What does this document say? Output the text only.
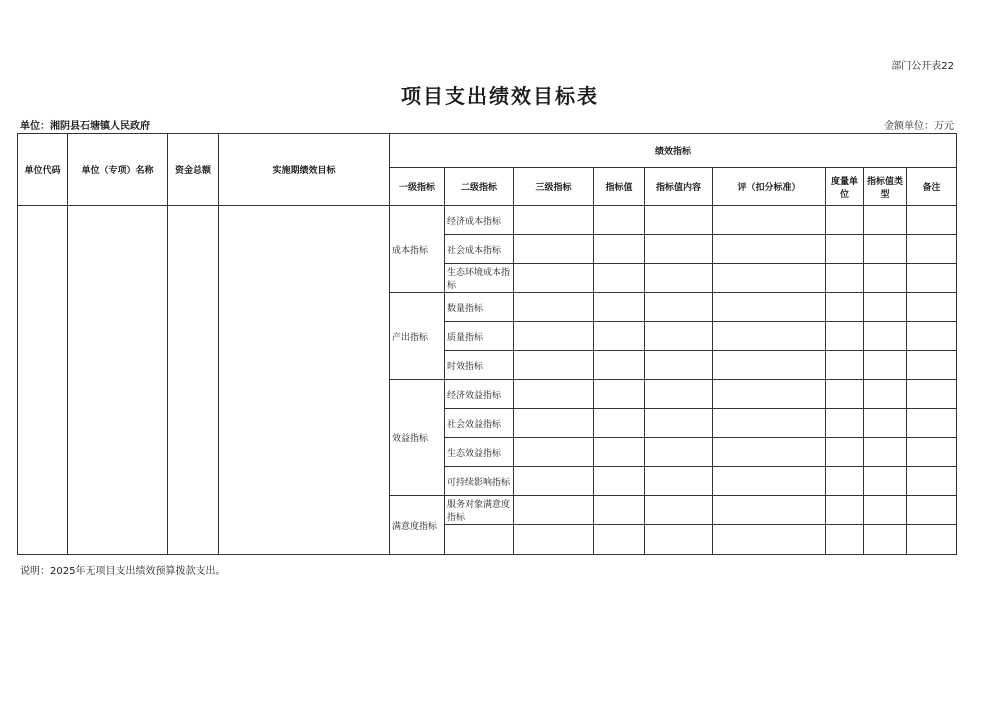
部门公开表22
项目支出绩效目标表
单位：湘阴县石塘镇人民政府	金额单位：万元
单位代码	单位（专项）名称	资金总额	实施期绩效目标	绩效指标								
				一级指标	二级指标	三级指标	指标值	指标值内容	评（扣分标准）	度量单位	指标值类型	备注
				成本指标	经济成本指标							
					社会成本指标							
					生态环境成本指标							
				产出指标	数量指标							
					质量指标							
					时效指标							
				效益指标	经济效益指标							
					社会效益指标							
					生态效益指标							
					可持续影响指标							
				满意度指标	服务对象满意度指标							

说明：2025年无项目支出绩效预算拨款支出。
